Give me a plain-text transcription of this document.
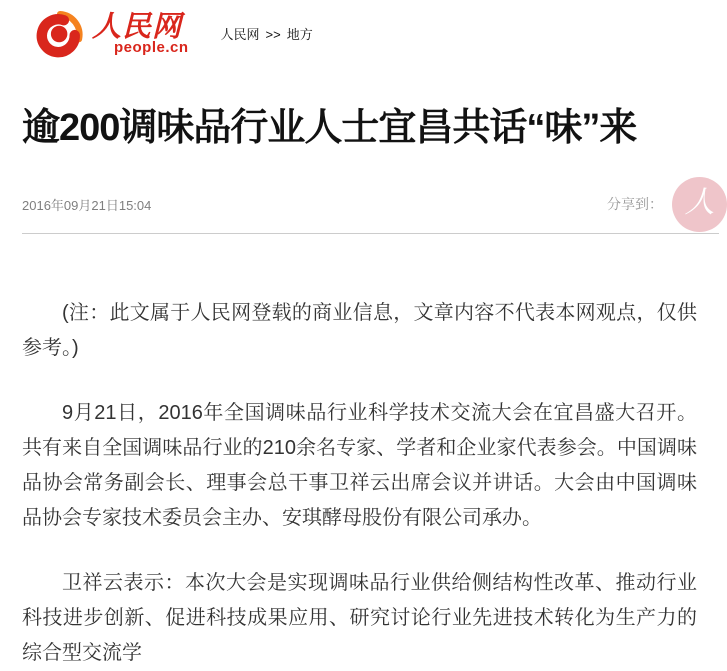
人民网
people.cn
人民网 >> 地方
逾200调味品行业人士宜昌共话“味”来
2016年09月21日15:04	分享到： 人

(注：此文属于人民网登载的商业信息，文章内容不代表本网观点，仅供参考。)

9月21日，2016年全国调味品行业科学技术交流大会在宜昌盛大召开。共有来自全国调味品行业的210余名专家、学者和企业家代表参会。中国调味品协会常务副会长、理事会总干事卫祥云出席会议并讲话。大会由中国调味品协会专家技术委员会主办、安琪酵母股份有限公司承办。

卫祥云表示：本次大会是实现调味品行业供给侧结构性改革、推动行业科技进步创新、促进科技成果应用、研究讨论行业先进技术转化为生产力的综合型交流学
